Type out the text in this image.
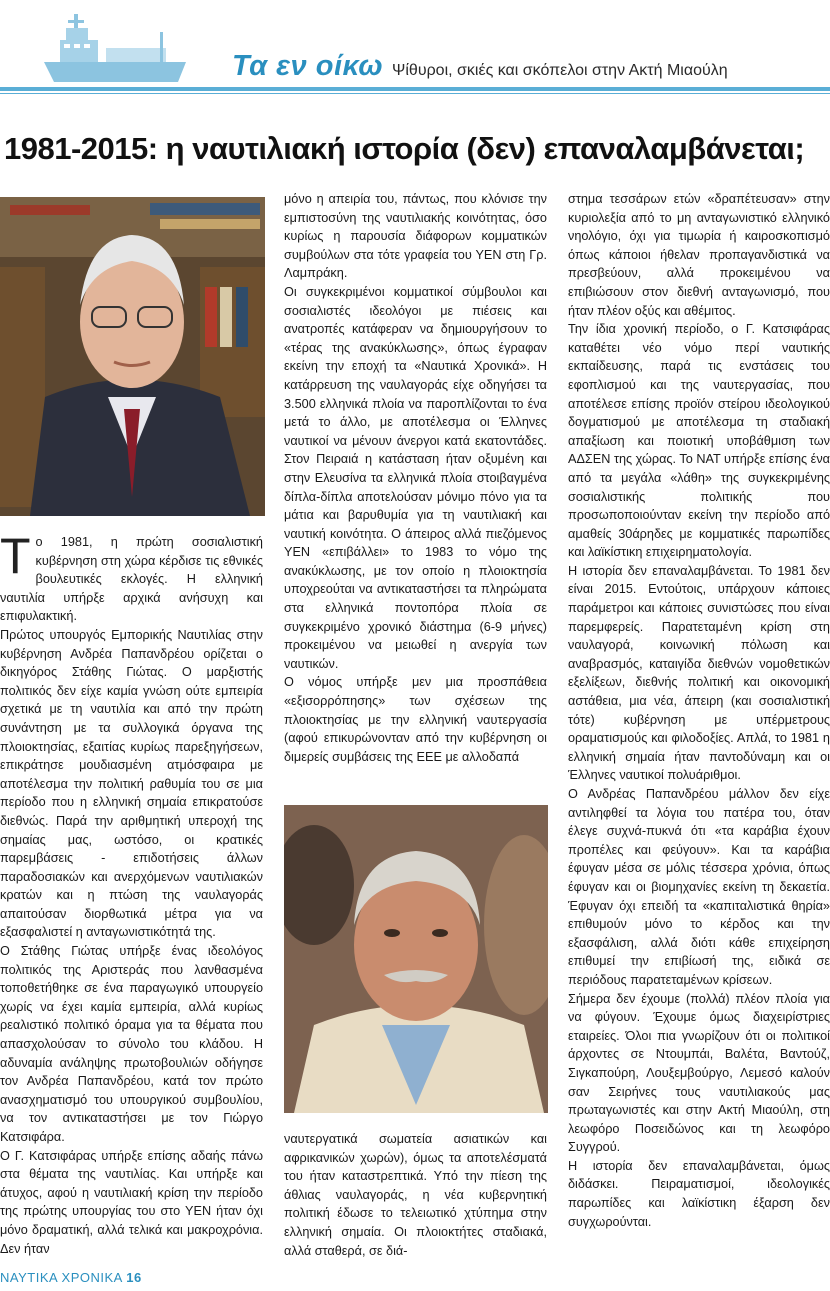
Τα εν οίκω Ψίθυροι, σκιές και σκόπελοι στην Ακτή Μιαούλη
1981-2015: η ναυτιλιακή ιστορία (δεν) επαναλαμβάνεται;

Το 1981, η πρώτη σοσιαλιστική κυβέρνηση στη χώρα κέρδισε τις εθνικές βουλευτικές εκλογές. Η ελληνική ναυτιλία υπήρξε αρχικά ανήσυχη και επιφυλακτική.

Πρώτος υπουργός Εμπορικής Ναυτιλίας στην κυβέρνηση Ανδρέα Παπανδρέου ορίζεται ο δικηγόρος Στάθης Γιώτας. Ο μαρξιστής πολιτικός δεν είχε καμία γνώση ούτε εμπειρία σχετικά με τη ναυτιλία και από την πρώτη συνάντηση με τα συλλογικά όργανα της πλοιοκτησίας, εξαιτίας κυρίως παρεξηγήσεων, επικράτησε μουδιασμένη ατμόσφαιρα με αποτέλεσμα την πολιτική ραθυμία του σε μια περίοδο που η ελληνική σημαία επικρατούσε διεθνώς. Παρά την αριθμητική υπεροχή της σημαίας μας, ωστόσο, οι κρατικές παρεμβάσεις - επιδοτήσεις άλλων παραδοσιακών και ανερχόμενων ναυτιλιακών κρατών και η πτώση της ναυλαγοράς απαιτούσαν διορθωτικά μέτρα για να εξασφαλιστεί η ανταγωνιστικότητά της.

Ο Στάθης Γιώτας υπήρξε ένας ιδεολόγος πολιτικός της Αριστεράς που λανθασμένα τοποθετήθηκε σε ένα παραγωγικό υπουργείο χωρίς να έχει καμία εμπειρία, αλλά κυρίως ρεαλιστικό πολιτικό όραμα για τα θέματα που απασχολούσαν το σύνολο του κλάδου. Η αδυναμία ανάληψης πρωτοβουλιών οδήγησε τον Ανδρέα Παπανδρέου, κατά τον πρώτο ανασχηματισμό του υπουργικού συμβουλίου, να τον αντικαταστήσει με τον Γιώργο Κατσιφάρα.

Ο Γ. Κατσιφάρας υπήρξε επίσης αδαής πάνω στα θέματα της ναυτιλίας. Και υπήρξε και άτυχος, αφού η ναυτιλιακή κρίση την περίοδο της πρώτης υπουργίας του στο ΥΕΝ ήταν όχι μόνο δραματική, αλλά τελικά και μακροχρόνια. Δεν ήταν

μόνο η απειρία του, πάντως, που κλόνισε την εμπιστοσύνη της ναυτιλιακής κοινότητας, όσο κυρίως η παρουσία διάφορων κομματικών συμβούλων στα τότε γραφεία του ΥΕΝ στη Γρ. Λαμπράκη.

Οι συγκεκριμένοι κομματικοί σύμβουλοι και σοσιαλιστές ιδεολόγοι με πιέσεις και ανατροπές κατάφεραν να δημιουργήσουν το «τέρας της ανακύκλωσης», όπως έγραφαν εκείνη την εποχή τα «Ναυτικά Χρονικά». Η κατάρρευση της ναυλαγοράς είχε οδηγήσει τα 3.500 ελληνικά πλοία να παροπλίζονται το ένα μετά το άλλο, με αποτέλεσμα οι Έλληνες ναυτικοί να μένουν άνεργοι κατά εκατοντάδες. Στον Πειραιά η κατάσταση ήταν οξυμένη και στην Ελευσίνα τα ελληνικά πλοία στοιβαγμένα δίπλα-δίπλα αποτελούσαν μόνιμο πόνο για τα μάτια και βαρυθυμία για τη ναυτιλιακή και ναυτική κοινότητα. Ο άπειρος αλλά πιεζόμενος ΥΕΝ «επιβάλλει» το 1983 το νόμο της ανακύκλωσης, με τον οποίο η πλοιοκτησία υποχρεούται να αντικαταστήσει τα πληρώματα στα ελληνικά ποντοπόρα πλοία σε συγκεκριμένο χρονικό διάστημα (6-9 μήνες) προκειμένου να μειωθεί η ανεργία των ναυτικών.

Ο νόμος υπήρξε μεν μια προσπάθεια «εξισορρόπησης» των σχέσεων της πλοιοκτησίας με την ελληνική ναυτεργασία (αφού επικυρώνονταν από την κυβέρνηση οι διμερείς συμβάσεις της ΕΕΕ με αλλοδαπά

ναυτεργατικά σωματεία ασιατικών και αφρικανικών χωρών), όμως τα αποτελέσματά του ήταν καταστρεπτικά. Υπό την πίεση της άθλιας ναυλαγοράς, η νέα κυβερνητική πολιτική έδωσε το τελειωτικό χτύπημα στην ελληνική σημαία. Οι πλοιοκτήτες σταδιακά, αλλά σταθερά, σε διά-

στημα τεσσάρων ετών «δραπέτευσαν» στην κυριολεξία από το μη ανταγωνιστικό ελληνικό νηολόγιο, όχι για τιμωρία ή καιροσκοπισμό όπως κάποιοι ήθελαν προπαγανδιστικά να πρεσβεύουν, αλλά προκειμένου να επιβιώσουν στον διεθνή ανταγωνισμό, που ήταν πλέον οξύς και αθέμιτος.

Την ίδια χρονική περίοδο, ο Γ. Κατσιφάρας καταθέτει νέο νόμο περί ναυτικής εκπαίδευσης, παρά τις ενστάσεις του εφοπλισμού και της ναυτεργασίας, που αποτέλεσε επίσης προϊόν στείρου ιδεολογικού δογματισμού με αποτέλεσμα τη σταδιακή απαξίωση και ποιοτική υποβάθμιση των ΑΔΣΕΝ της χώρας. Το ΝΑΤ υπήρξε επίσης ένα από τα μεγάλα «λάθη» της συγκεκριμένης σοσιαλιστικής πολιτικής που προσωποποιούνταν εκείνη την περίοδο από αμαθείς 30άρηδες με κομματικές παρωπίδες και λαϊκίστικη επιχειρηματολογία.

Η ιστορία δεν επαναλαμβάνεται. Το 1981 δεν είναι 2015. Εντούτοις, υπάρχουν κάποιες παράμετροι και κάποιες συνιστώσες που είναι παρεμφερείς. Παρατεταμένη κρίση στη ναυλαγορά, κοινωνική πόλωση και αναβρασμός, καταιγίδα διεθνών νομοθετικών εξελίξεων, διεθνής πολιτική και οικονομική αστάθεια, μια νέα, άπειρη (και σοσιαλιστική τότε) κυβέρνηση με υπέρμετρους οραματισμούς και φιλοδοξίες. Απλά, το 1981 η ελληνική σημαία ήταν παντοδύναμη και οι Έλληνες ναυτικοί πολυάριθμοι.

Ο Ανδρέας Παπανδρέου μάλλον δεν είχε αντιληφθεί τα λόγια του πατέρα του, όταν έλεγε συχνά-πυκνά ότι «τα καράβια έχουν προπέλες και φεύγουν». Και τα καράβια έφυγαν μέσα σε μόλις τέσσερα χρόνια, όπως έφυγαν και οι βιομηχανίες εκείνη τη δεκαετία. Έφυγαν όχι επειδή τα «καπιταλιστικά θηρία» επιθυμούν μόνο το κέρδος και την εξασφάλιση, αλλά διότι κάθε επιχείρηση επιθυμεί την επιβίωσή της, ειδικά σε περιόδους παρατεταμένων κρίσεων.

Σήμερα δεν έχουμε (πολλά) πλέον πλοία για να φύγουν. Έχουμε όμως διαχειρίστριες εταιρείες. Όλοι πια γνωρίζουν ότι οι πολιτικοί άρχοντες σε Ντουμπάι, Βαλέτα, Βαντούζ, Σιγκαπούρη, Λουξεμβούργο, Λεμεσό καλούν σαν Σειρήνες τους ναυτιλιακούς μας πρωταγωνιστές και στην Ακτή Μιαούλη, στη λεωφόρο Ποσειδώνος και τη λεωφόρο Συγγρού.

Η ιστορία δεν επαναλαμβάνεται, όμως διδάσκει. Πειραματισμοί, ιδεολογικές παρωπίδες και λαϊκίστικη έξαρση δεν συγχωρούνται.

ΝΑΥΤΙΚΑ ΧΡΟΝΙΚΑ 16
